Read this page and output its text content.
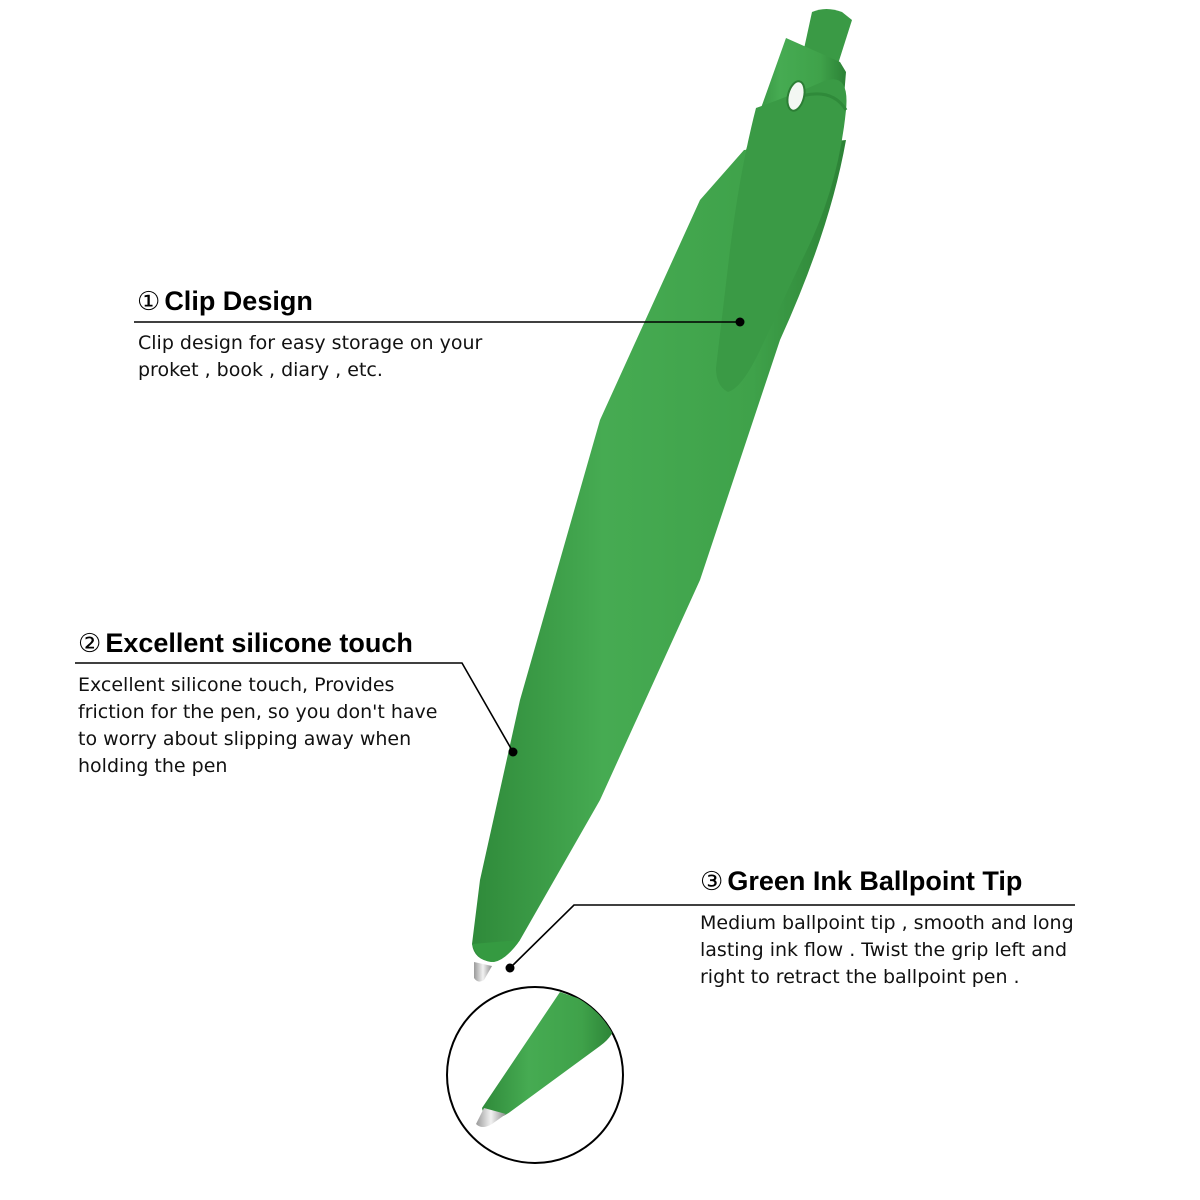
① Clip Design

Clip design for easy storage on your proket , book , diary , etc.

② Excellent silicone touch

Excellent silicone touch, Provides friction for the pen, so you don't have to worry about slipping away when holding the pen

③ Green Ink Ballpoint Tip

Medium ballpoint tip , smooth and long lasting ink flow . Twist the grip left and right to retract the ballpoint pen .
